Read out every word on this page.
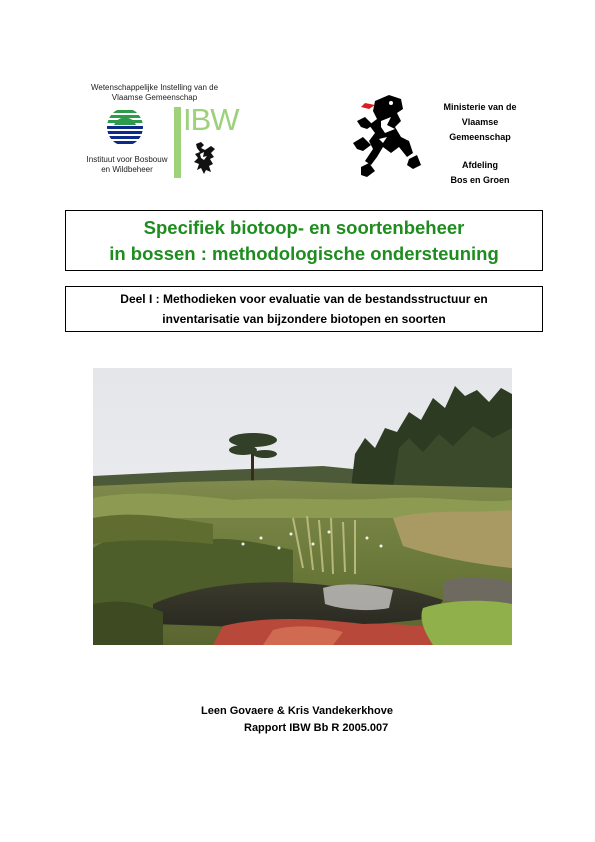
Wetenschappelijke Instelling van de
Vlaamse Gemeenschap
Instituut voor Bosbouw
en Wildbeheer
IBW	Ministerie van de
Vlaamse
Gemeenschap
Afdeling
Bos en Groen
Specifiek biotoop- en soortenbeheer
in bossen : methodologische ondersteuning
Deel I : Methodieken voor evaluatie van de bestandsstructuur en
inventarisatie van bijzondere biotopen en soorten
Leen Govaere & Kris Vandekerkhove
Rapport IBW Bb R 2005.007
